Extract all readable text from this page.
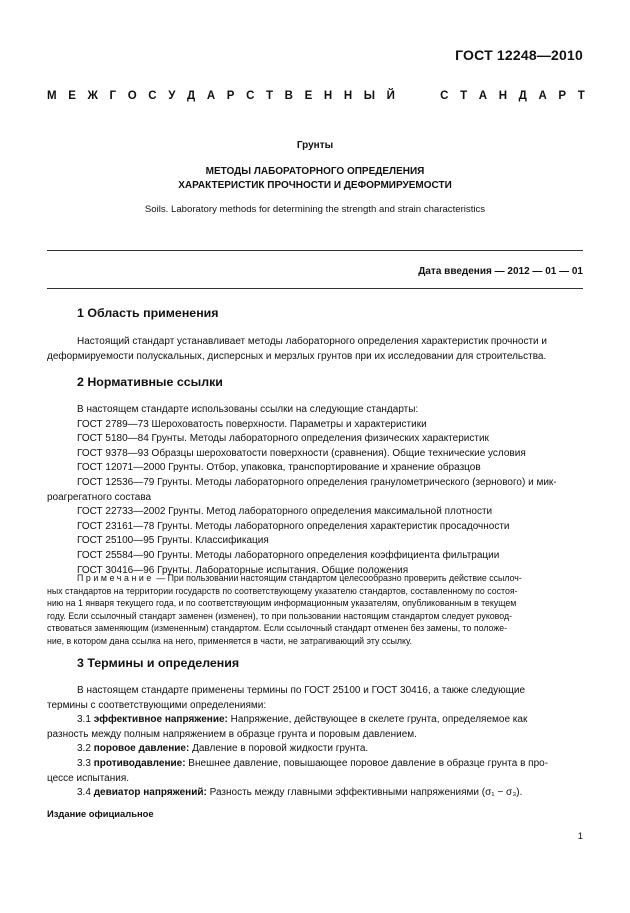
ГОСТ 12248—2010
М Е Ж Г О С У Д А Р С Т В Е Н Н Ы Й	С Т А Н Д А Р Т
Грунты
МЕТОДЫ ЛАБОРАТОРНОГО ОПРЕДЕЛЕНИЯ
ХАРАКТЕРИСТИК ПРОЧНОСТИ И ДЕФОРМИРУЕМОСТИ
Soils. Laboratory methods for determining the strength and strain characteristics
Дата введения — 2012 — 01 — 01
1 Область применения
Настоящий стандарт устанавливает методы лабораторного определения характеристик прочности и
деформируемости полускальных, дисперсных и мерзлых грунтов при их исследовании для строительства.
2 Нормативные ссылки
В настоящем стандарте использованы ссылки на следующие стандарты:
ГОСТ 2789—73 Шероховатость поверхности. Параметры и характеристики
ГОСТ 5180—84 Грунты. Методы лабораторного определения физических характеристик
ГОСТ 9378—93 Образцы шероховатости поверхности (сравнения). Общие технические условия
ГОСТ 12071—2000 Грунты. Отбор, упаковка, транспортирование и хранение образцов
ГОСТ 12536—79 Грунты. Методы лабораторного определения гранулометрического (зернового) и мик-
роагрегатного состава
ГОСТ 22733—2002 Грунты. Метод лабораторного определения максимальной плотности
ГОСТ 23161—78 Грунты. Методы лабораторного определения характеристик просадочности
ГОСТ 25100—95 Грунты. Классификация
ГОСТ 25584—90 Грунты. Методы лабораторного определения коэффициента фильтрации
ГОСТ 30416—96 Грунты. Лабораторные испытания. Общие положения
Примечание — При пользовании настоящим стандартом целесообразно проверить действие ссылоч-
ных стандартов на территории государств по соответствующему указателю стандартов, составленному по состоя-
нию на 1 января текущего года, и по соответствующим информационным указателям, опубликованным в текущем
году. Если ссылочный стандарт заменен (изменен), то при пользовании настоящим стандартом следует руковод-
ствоваться заменяющим (измененным) стандартом. Если ссылочный стандарт отменен без замены, то положе-
ние, в котором дана ссылка на него, применяется в части, не затрагивающий эту ссылку.
3 Термины и определения
В настоящем стандарте применены термины по ГОСТ 25100 и ГОСТ 30416, а также следующие
термины с соответствующими определениями:
3.1 эффективное напряжение: Напряжение, действующее в скелете грунта, определяемое как
разность между полным напряжением в образце грунта и поровым давлением.
3.2 поровое давление: Давление в поровой жидкости грунта.
3.3 противодавление: Внешнее давление, повышающее поровое давление в образце грунта в про-
цессе испытания.
3.4 девиатор напряжений: Разность между главными эффективными напряжениями (σ₁ − σ₃).
Издание официальное
1
